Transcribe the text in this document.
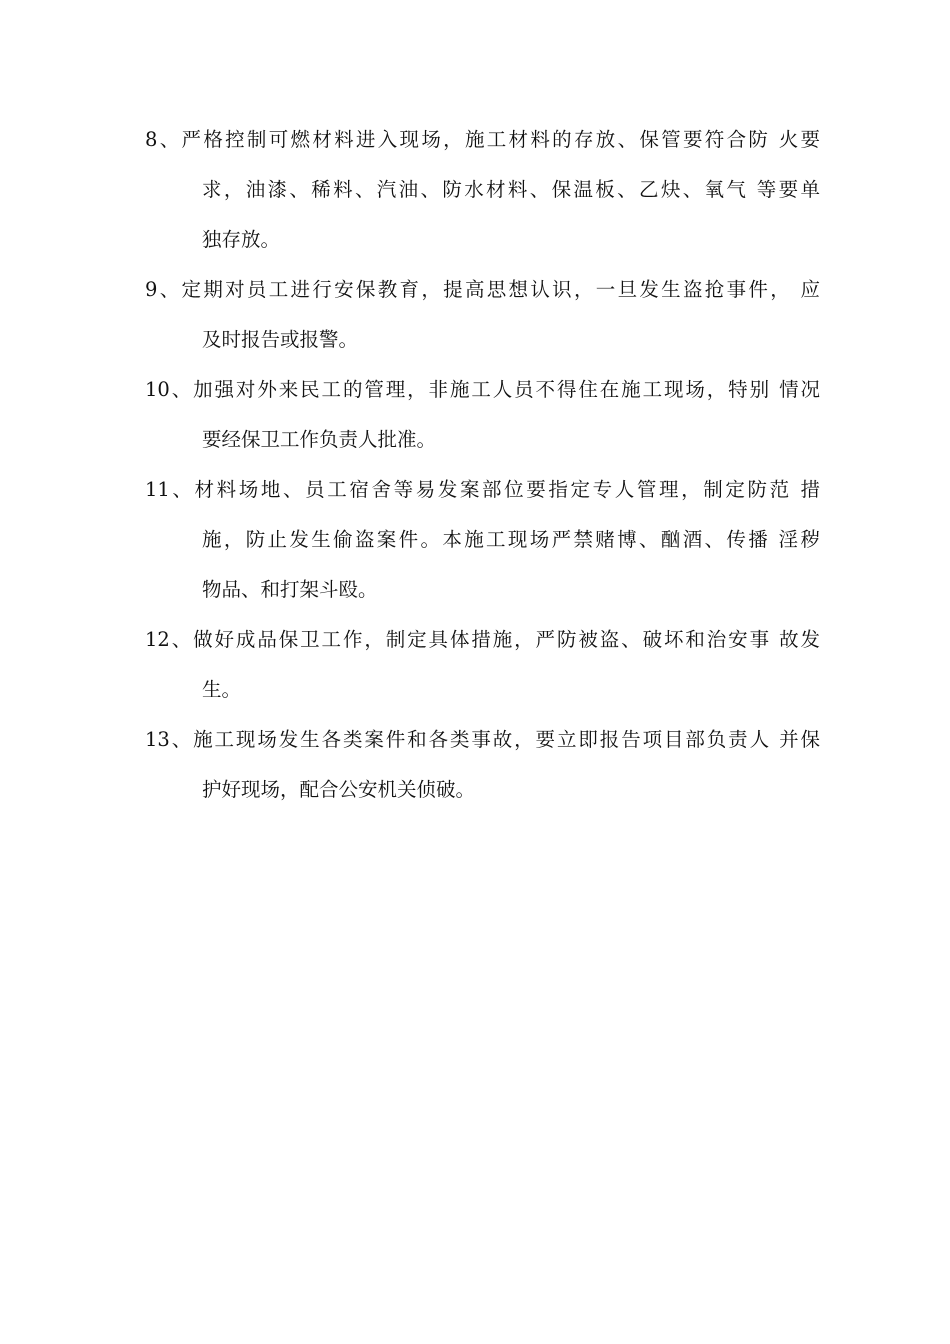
8、严格控制可燃材料进入现场，施工材料的存放、保管要符合防 火要
求，油漆、稀料、汽油、防水材料、保温板、乙炔、氧气 等要单
独存放。
9、定期对员工进行安保教育，提高思想认识，一旦发生盗抢事件， 应
及时报告或报警。
10、加强对外来民工的管理，非施工人员不得住在施工现场，特别 情况
要经保卫工作负责人批准。
11、材料场地、员工宿舍等易发案部位要指定专人管理，制定防范 措
施，防止发生偷盗案件。本施工现场严禁赌博、酗酒、传播 淫秽
物品、和打架斗殴。
12、做好成品保卫工作，制定具体措施，严防被盗、破坏和治安事 故发
生。
13、施工现场发生各类案件和各类事故，要立即报告项目部负责人 并保
护好现场，配合公安机关侦破。
